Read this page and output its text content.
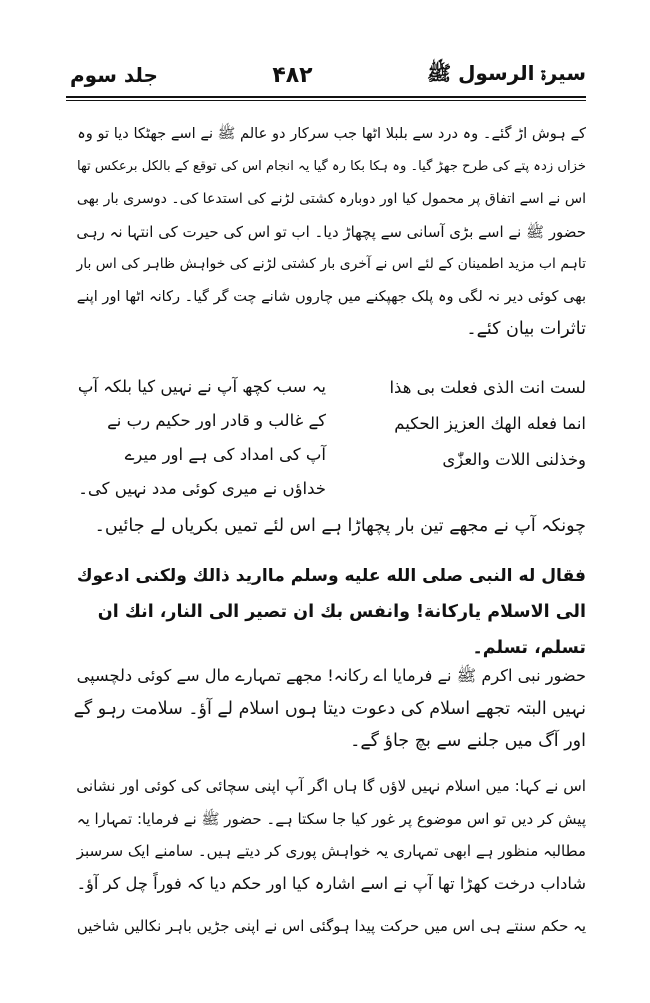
سیرۃ الرسول ﷺ
۴۸۲
جلد سوم
کے ہوش اڑ گئے۔ وہ درد سے بلبلا اٹھا جب سرکار دو عالم ﷺ نے اسے جھٹکا دیا تو وہ
خزاں زدہ پتے کی طرح جھڑ گیا۔ وہ ہکا بکا رہ گیا یہ انجام اس کی توقع کے بالکل برعکس تھا
اس نے اسے اتفاق پر محمول کیا اور دوبارہ کشتی لڑنے کی استدعا کی۔ دوسری بار بھی
حضور ﷺ نے اسے بڑی آسانی سے پچھاڑ دیا۔ اب تو اس کی حیرت کی انتہا نہ رہی
تاہم اب مزید اطمینان کے لئے اس نے آخری بار کشتی لڑنے کی خواہش ظاہر کی اس بار
بھی کوئی دیر نہ لگی وہ پلک جھپکنے میں چاروں شانے چت گر گیا۔ رکانہ اٹھا اور اپنے
تاثرات بیان کئے۔
لست انت الذی فعلت بی ھذا
انما فعله الھك العزیز الحکیم
وخذلنی اللات والعزّٰی
یہ سب کچھ آپ نے نہیں کیا بلکہ آپ
کے غالب و قادر اور حکیم رب نے
آپ کی امداد کی ہے اور میرے
خداؤں نے میری کوئی مدد نہیں کی۔
چونکہ آپ نے مجھے تین بار پچھاڑا ہے اس لئے تمیں بکریاں لے جائیں۔
فقال له النبی صلی الله علیه وسلم ماارید ذالك ولکنی ادعوك
الی الاسلام یارکانة! وانفس بك ان تصیر الی النار، انك ان
تسلم، تسلم۔
حضور نبی اکرم ﷺ نے فرمایا اے رکانہ! مجھے تمہارے مال سے کوئی دلچسپی
نہیں البتہ تجھے اسلام کی دعوت دیتا ہوں اسلام لے آؤ۔ سلامت رہو گے
اور آگ میں جلنے سے بچ جاؤ گے۔
اس نے کہا: میں اسلام نہیں لاؤں گا ہاں اگر آپ اپنی سچائی کی کوئی اور نشانی
پیش کر دیں تو اس موضوع پر غور کیا جا سکتا ہے۔ حضور ﷺ نے فرمایا: تمہارا یہ
مطالبہ منظور ہے ابھی تمہاری یہ خواہش پوری کر دیتے ہیں۔ سامنے ایک سرسبز
شاداب درخت کھڑا تھا آپ نے اسے اشارہ کیا اور حکم دیا کہ فوراً چل کر آؤ۔
یہ حکم سنتے ہی اس میں حرکت پیدا ہوگئی اس نے اپنی جڑیں باہر نکالیں شاخیں
